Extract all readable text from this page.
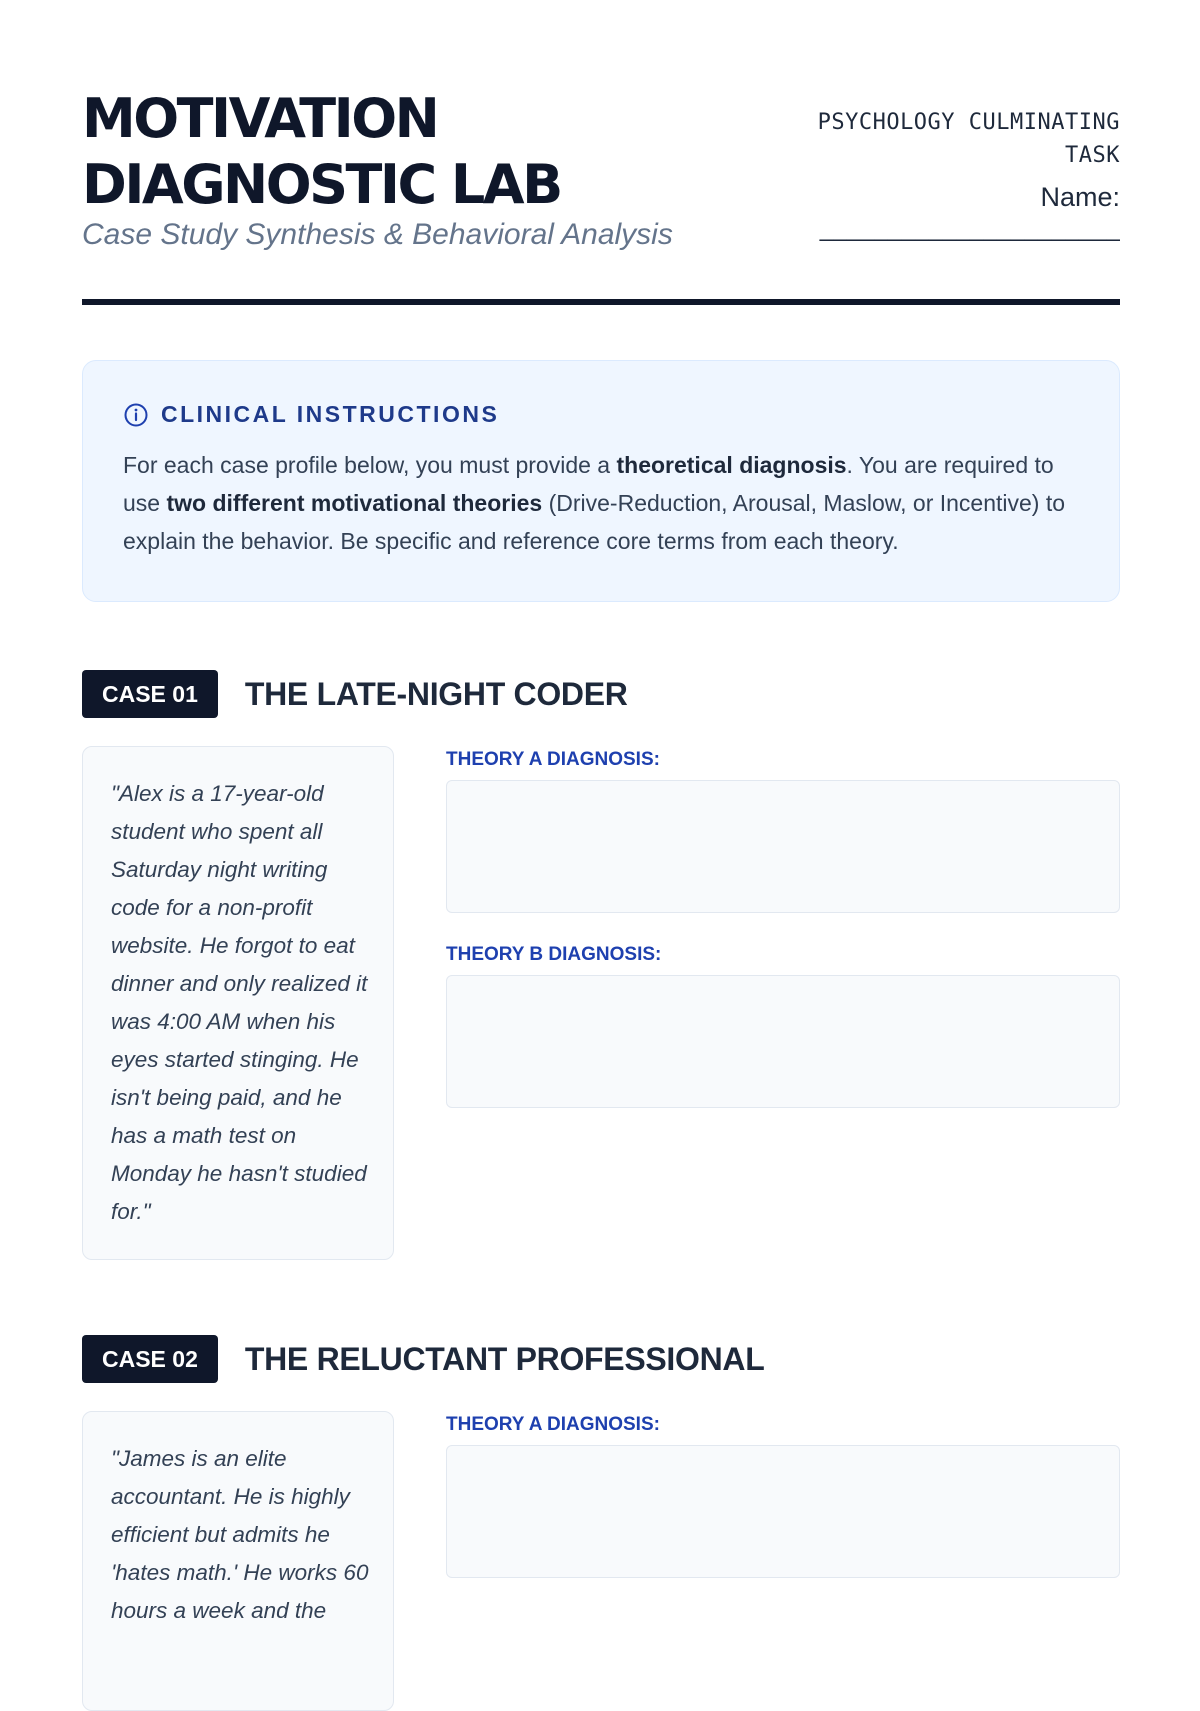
MOTIVATION
DIAGNOSTIC LAB
Case Study Synthesis & Behavioral Analysis
PSYCHOLOGY CULMINATING TASK
Name:
______________________
CLINICAL INSTRUCTIONS

For each case profile below, you must provide a theoretical diagnosis. You are required to use two different motivational theories (Drive-Reduction, Arousal, Maslow, or Incentive) to explain the behavior. Be specific and reference core terms from each theory.

CASE 01	THE LATE-NIGHT CODER
"Alex is a 17-year-old student who spent all Saturday night writing code for a non-profit website. He forgot to eat dinner and only realized it was 4:00 AM when his eyes started stinging. He isn't being paid, and he has a math test on Monday he hasn't studied for."
THEORY A DIAGNOSIS:
THEORY B DIAGNOSIS:
CASE 02	THE RELUCTANT PROFESSIONAL
"James is an elite accountant. He is highly efficient but admits he 'hates math.' He works 60 hours a week and the
THEORY A DIAGNOSIS:
